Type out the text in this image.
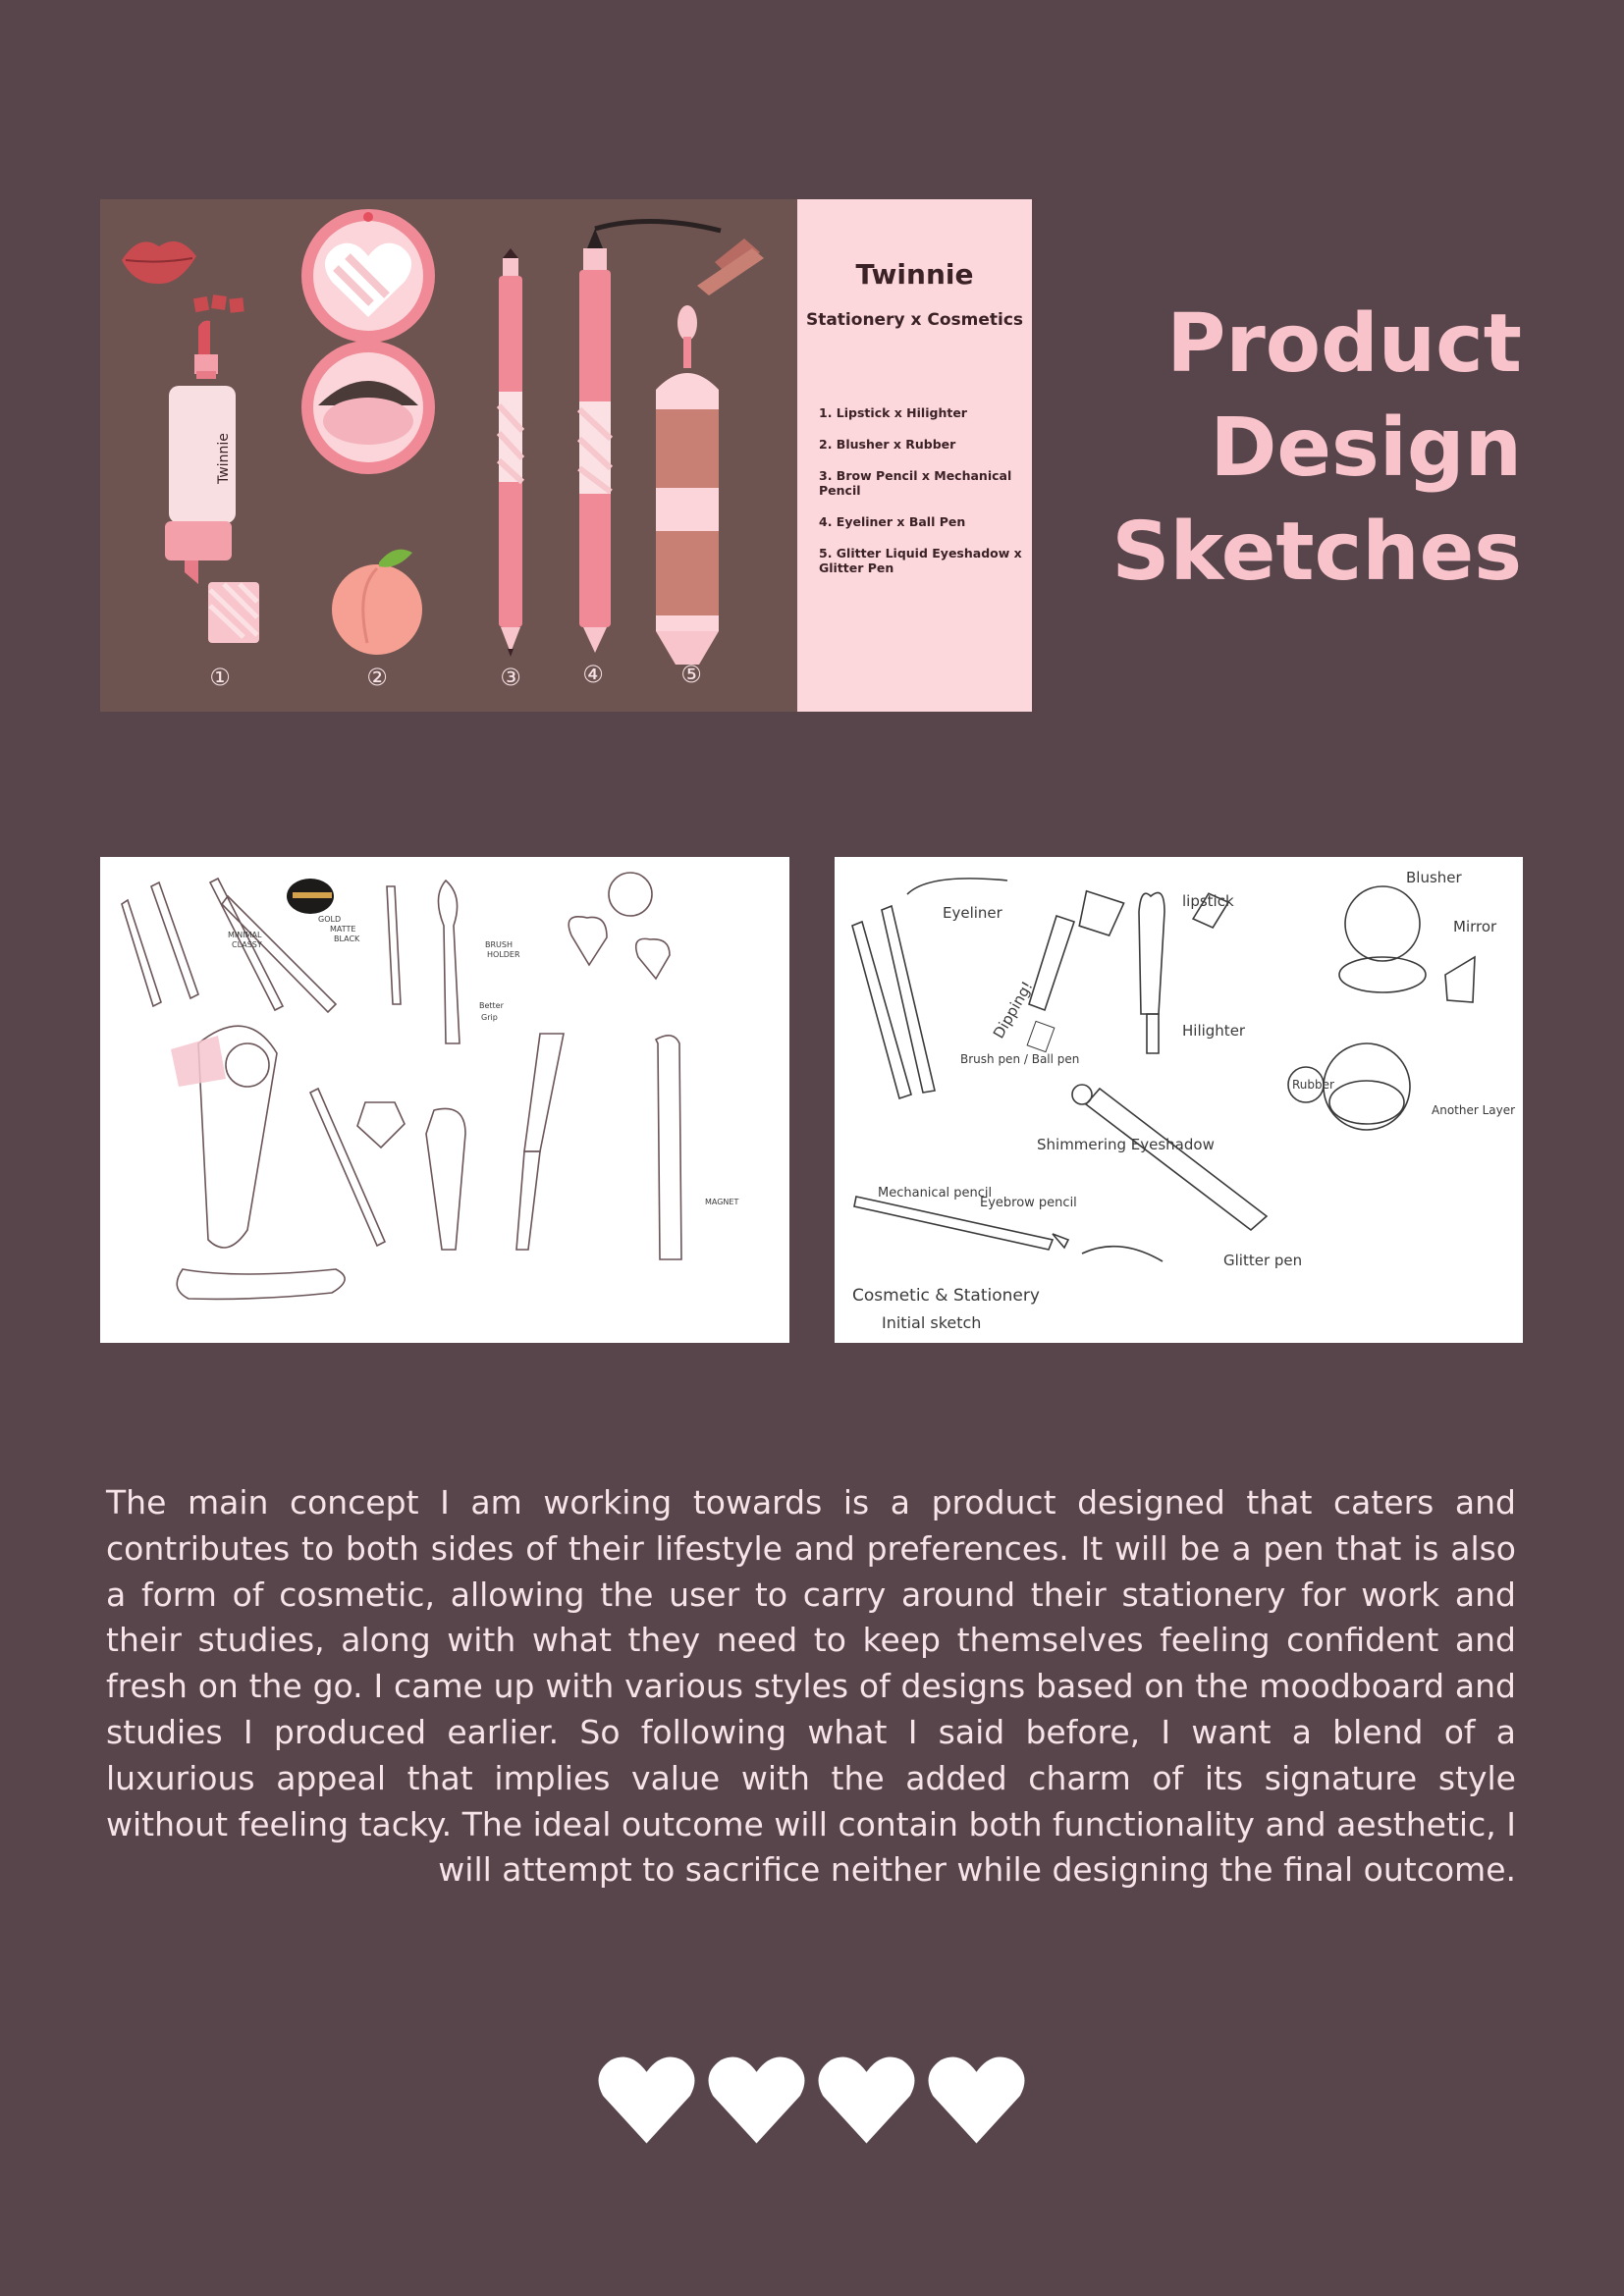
Twinnie
①	②	③	④	⑤
Twinnie
Stationery x Cosmetics
1. Lipstick x Hilighter
2. Blusher x Rubber
3. Brow Pencil x Mechanical Pencil
4. Eyeliner x Ball Pen
5. Glitter Liquid Eyeshadow x Glitter Pen
Product
Design
Sketches
MINIMAL
CLASSY
GOLD
MATTE
BLACK
BRUSH
HOLDER
Better
Grip
MAGNET
Eyeliner
lipstick
Blusher
Mirror
Dipping!
Brush pen / Ball pen
Hilighter
Rubber
Another Layer
Shimmering Eyeshadow
Mechanical pencil
Eyebrow pencil
Glitter pen
Cosmetic & Stationery
Initial sketch
The main concept I am working towards is a product designed that caters and contributes to both sides of their lifestyle and preferences. It will be a pen that is also a form of cosmetic, allowing the user to carry around their stationery for work and their studies, along with what they need to keep themselves feeling confident and fresh on the go. I came up with various styles of designs based on the moodboard and studies I produced earlier. So following what I said before, I want a blend of a luxurious appeal that implies value with the added charm of its signature style without feeling tacky. The ideal outcome will contain both functionality and aesthetic, I will attempt to sacrifice neither while designing the final outcome.
